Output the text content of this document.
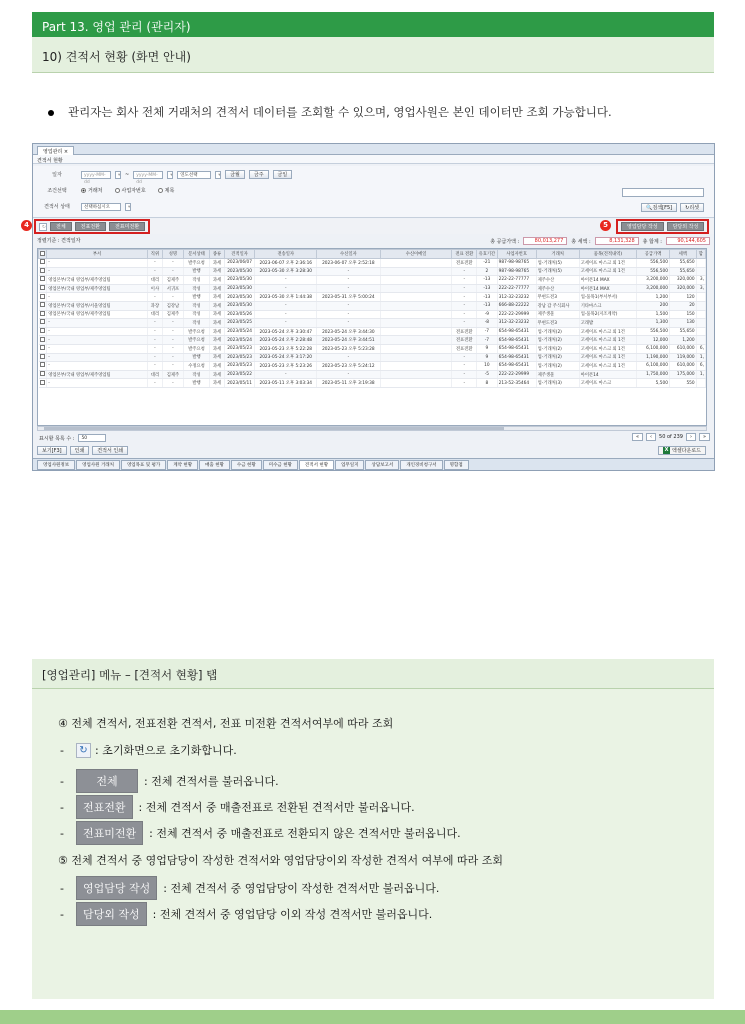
Part 13. 영업 관리 (관리자)
10) 견적서 현황 (화면 안내)
관리자는 회사 전체 거래처의 견적서 데이터를 조회할 수 있으며, 영업사원은 본인 데이터만 조회 가능합니다.
영업관리 ×
견적서 현황
일자	yyyy-MM-dd
▾ ~	yyyy-MM-dd
▾	연도선택	▾	금월	금주	금일
조건선택	거래처	사업자번호	제목
견적서 상태	선택하십시오	▾	🔍검색[F5]	↻리셋
↻	전체	전표전환	전표미전환	영업담당 작성	담당외 작성
정렬기준 : 견적일자	총 공급가액 :	80,013,277	총 세액 :	8,131,328	총 합계 :	90,144,605
	부서	직위	성명	문서상태	종류	견적일자	전송일자	수신일자	수신이메일	전표 전환	유효기간	사업자번호	거래처	품목(견적내역)	공급가액	세액	합
	-	-	-	발주요청	과세	2023/06/07	2023-06-07 오후 2:36:16	2023-06-07 오후 2:52:18		전표전환	-21	987-98-98765	업-거래처(5)	고세이프 마스크 외 1건	556,500	55,650	
	-	-	-	발행	과세	2023/05/30	2023-05-30 오후 3:28:30	-		-	2	987-98-98765	업-거래처(5)	고세이프 마스크 외 1건	556,500	55,650	
	영업본부/국내 영업부/제주영업팀	대리	김제주	작성	과세	2023/05/30	-	-		-	-13	222-22-77777	제주수산	아이폰14 MAX	3,200,000	320,000	3,
	영업본부/국내 영업부/제주영업팀	이사	서귀포	작성	과세	2023/05/30	-	-		-	-13	222-22-77777	제주수산	아이폰14 MAX	3,200,000	320,000	3,
	-	-	-	발행	과세	2023/05/30	2023-05-30 오후 1:44:38	2023-05-31 오후 5:00:24		-	-13	312-32-23232	무현도전3	업-품목1(부서부서)	1,200	120	
	영업본부/국내 영업부/서울영업팀	과장	김강남	작성	과세	2023/05/30	-	-		-	-13	666-88-22222	강남 갑 주식회사	기타마스크	200	20	
	영업본부/국내 영업부/제주영업팀	대리	김제주	작성	과세	2023/05/26	-	-		-	-9	222-22-29999	제주생물	업-품목2(지조계약)	1,500	150	
	-	-	-	작성	과세	2023/05/25	-	-		-	-8	312-32-23232	무현도전3	고래밥	1,300	130	
	-	-	-	발주요청	과세	2023/05/24	2023-05-24 오후 3:30:47	2023-05-24 오후 3:44:30		전표전환	-7	654-98-65431	업-거래처(2)	고세이프 마스크 외 1건	556,500	55,650	
	-	-	-	발주요청	과세	2023/05/24	2023-05-24 오후 2:28:48	2023-05-24 오후 3:44:51		전표전환	-7	654-98-65431	업-거래처(2)	고세이프 마스크 외 1건	12,000	1,200	
	-	-	-	발주요청	과세	2023/05/23	2023-05-23 오후 5:22:28	2023-05-23 오후 5:23:28		전표전환	9	654-98-65431	업-거래처(2)	고세이프 마스크 외 1건	6,100,000	610,000	6,
	-	-	-	발행	과세	2023/05/23	2023-05-24 오후 3:17:20	-		-	9	654-98-65431	업-거래처(2)	고세이프 마스크 외 1건	1,190,000	119,000	1,
	-	-	-	수정요청	과세	2023/05/23	2023-05-23 오후 5:23:26	2023-05-23 오후 5:24:12		-	10	654-98-65431	업-거래처(2)	고세이프 마스크 외 1건	6,100,000	610,000	6,
	영업본부/국내 영업부/제주영업팀	대리	김제주	작성	과세	2023/05/22	-	-		-	-5	222-22-29999	제주생물	아이폰14	1,750,000	175,000	1,
	-	-	-	발행	과세	2023/05/11	2023-05-11 오후 3:03:34	2023-05-11 오후 3:19:38		-	8	213-52-35464	업-거래처(3)	고세이프 마스크	5,500	550	
표시할 목록 수 :	50	«	‹	50 of 239	›	»
보기[F3]	인쇄	견적서 인쇄	X 엑셀다운로드
영업사원정보	영업사원 거래처	영업목표 및 평가	계약 현황	매출 현황	수금 현황	미수금 현황	견적서 현황	업무일지	상담보고서	개인경비청구서	명함첩
4	5
[영업관리] 메뉴 – [견적서 현황] 탭
④ 전체 견적서, 전표전환 견적서, 전표 미전환 견적서여부에 따라 조회
-	↻ : 초기화면으로 초기화합니다.
-	전체	: 전체 견적서를 불러옵니다.
-	전표전환	: 전체 견적서 중 매출전표로 전환된 견적서만 불러옵니다.
-	전표미전환	: 전체 견적서 중 매출전표로 전환되지 않은 견적서만 불러옵니다.
⑤ 전체 견적서 중 영업담당이 작성한 견적서와 영업담당이외 작성한 견적서 여부에 따라 조회
-	영업담당 작성	: 전체 견적서 중 영업담당이 작성한 견적서만 불러옵니다.
-	담당외 작성	: 전체 견적서 중 영업담당 이외 작성 견적서만 불러옵니다.
